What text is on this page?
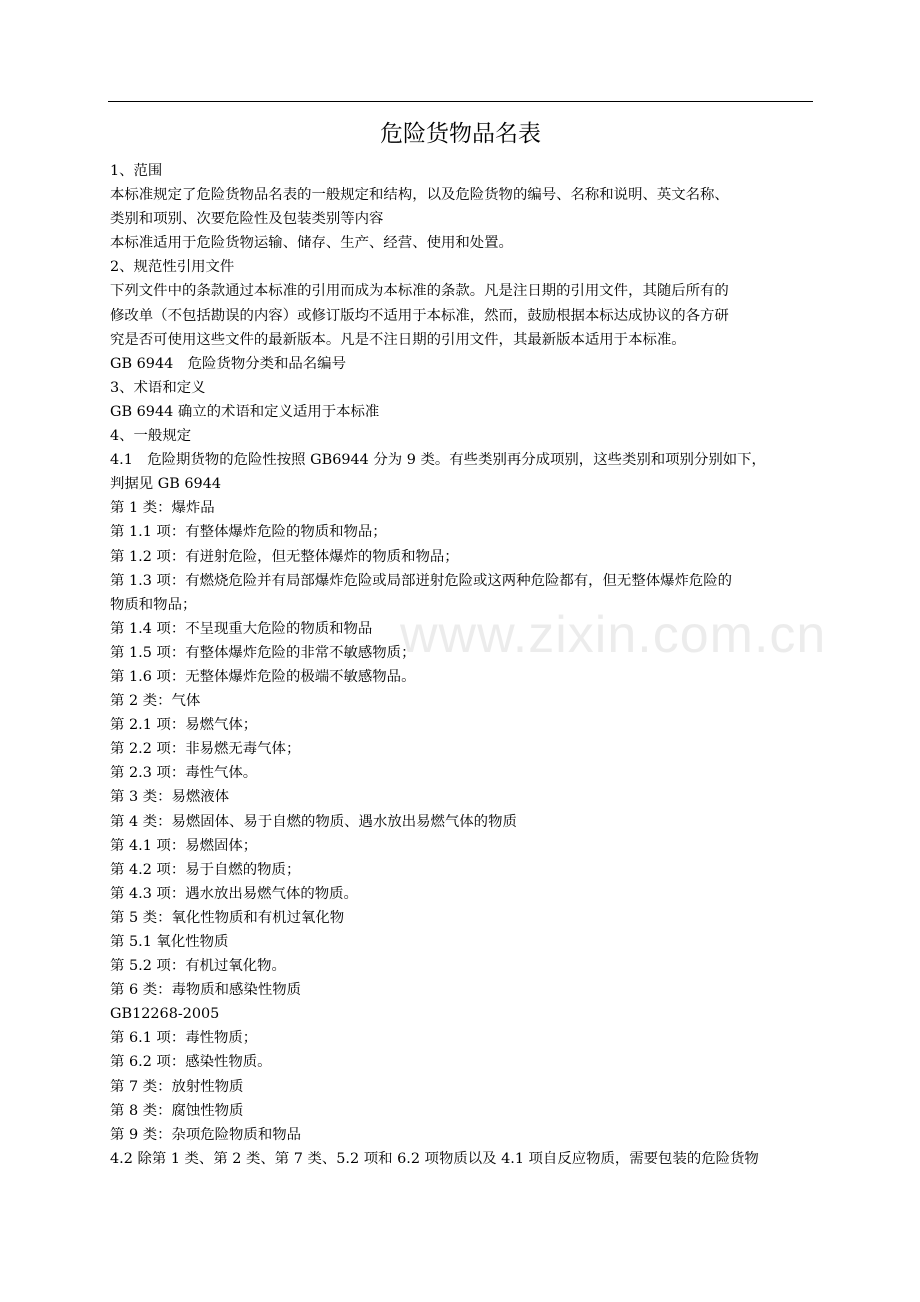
危险货物品名表
1、范围
本标准规定了危险货物品名表的一般规定和结构，以及危险货物的编号、名称和说明、英文名称、
类别和项别、次要危险性及包装类别等内容
本标准适用于危险货物运输、储存、生产、经营、使用和处置。
2、规范性引用文件
下列文件中的条款通过本标准的引用而成为本标准的条款。凡是注日期的引用文件，其随后所有的
修改单（不包括勘误的内容）或修订版均不适用于本标准，然而，鼓励根据本标达成协议的各方研
究是否可使用这些文件的最新版本。凡是不注日期的引用文件，其最新版本适用于本标准。
GB 6944　危险货物分类和品名编号
3、术语和定义
GB 6944 确立的术语和定义适用于本标准
4、一般规定
4.1　危险期货物的危险性按照 GB6944 分为 9 类。有些类别再分成项别，这些类别和项别分别如下，
判据见 GB 6944
第 1 类：爆炸品
第 1.1 项：有整体爆炸危险的物质和物品；
第 1.2 项：有迸射危险，但无整体爆炸的物质和物品；
第 1.3 项：有燃烧危险并有局部爆炸危险或局部迸射危险或这两种危险都有，但无整体爆炸危险的
物质和物品；
第 1.4 项：不呈现重大危险的物质和物品
第 1.5 项：有整体爆炸危险的非常不敏感物质；
第 1.6 项：无整体爆炸危险的极端不敏感物品。
第 2 类：气体
第 2.1 项：易燃气体；
第 2.2 项：非易燃无毒气体；
第 2.3 项：毒性气体。
第 3 类：易燃液体
第 4 类：易燃固体、易于自燃的物质、遇水放出易燃气体的物质
第 4.1 项：易燃固体；
第 4.2 项：易于自燃的物质；
第 4.3 项：遇水放出易燃气体的物质。
第 5 类：氧化性物质和有机过氧化物
第 5.1 氧化性物质
第 5.2 项：有机过氧化物。
第 6 类：毒物质和感染性物质
GB12268-2005
第 6.1 项：毒性物质；
第 6.2 项：感染性物质。
第 7 类：放射性物质
第 8 类：腐蚀性物质
第 9 类：杂项危险物质和物品
4.2 除第 1 类、第 2 类、第 7 类、5.2 项和 6.2 项物质以及 4.1 项自反应物质，需要包装的危险货物
www.zixin.com.cn
